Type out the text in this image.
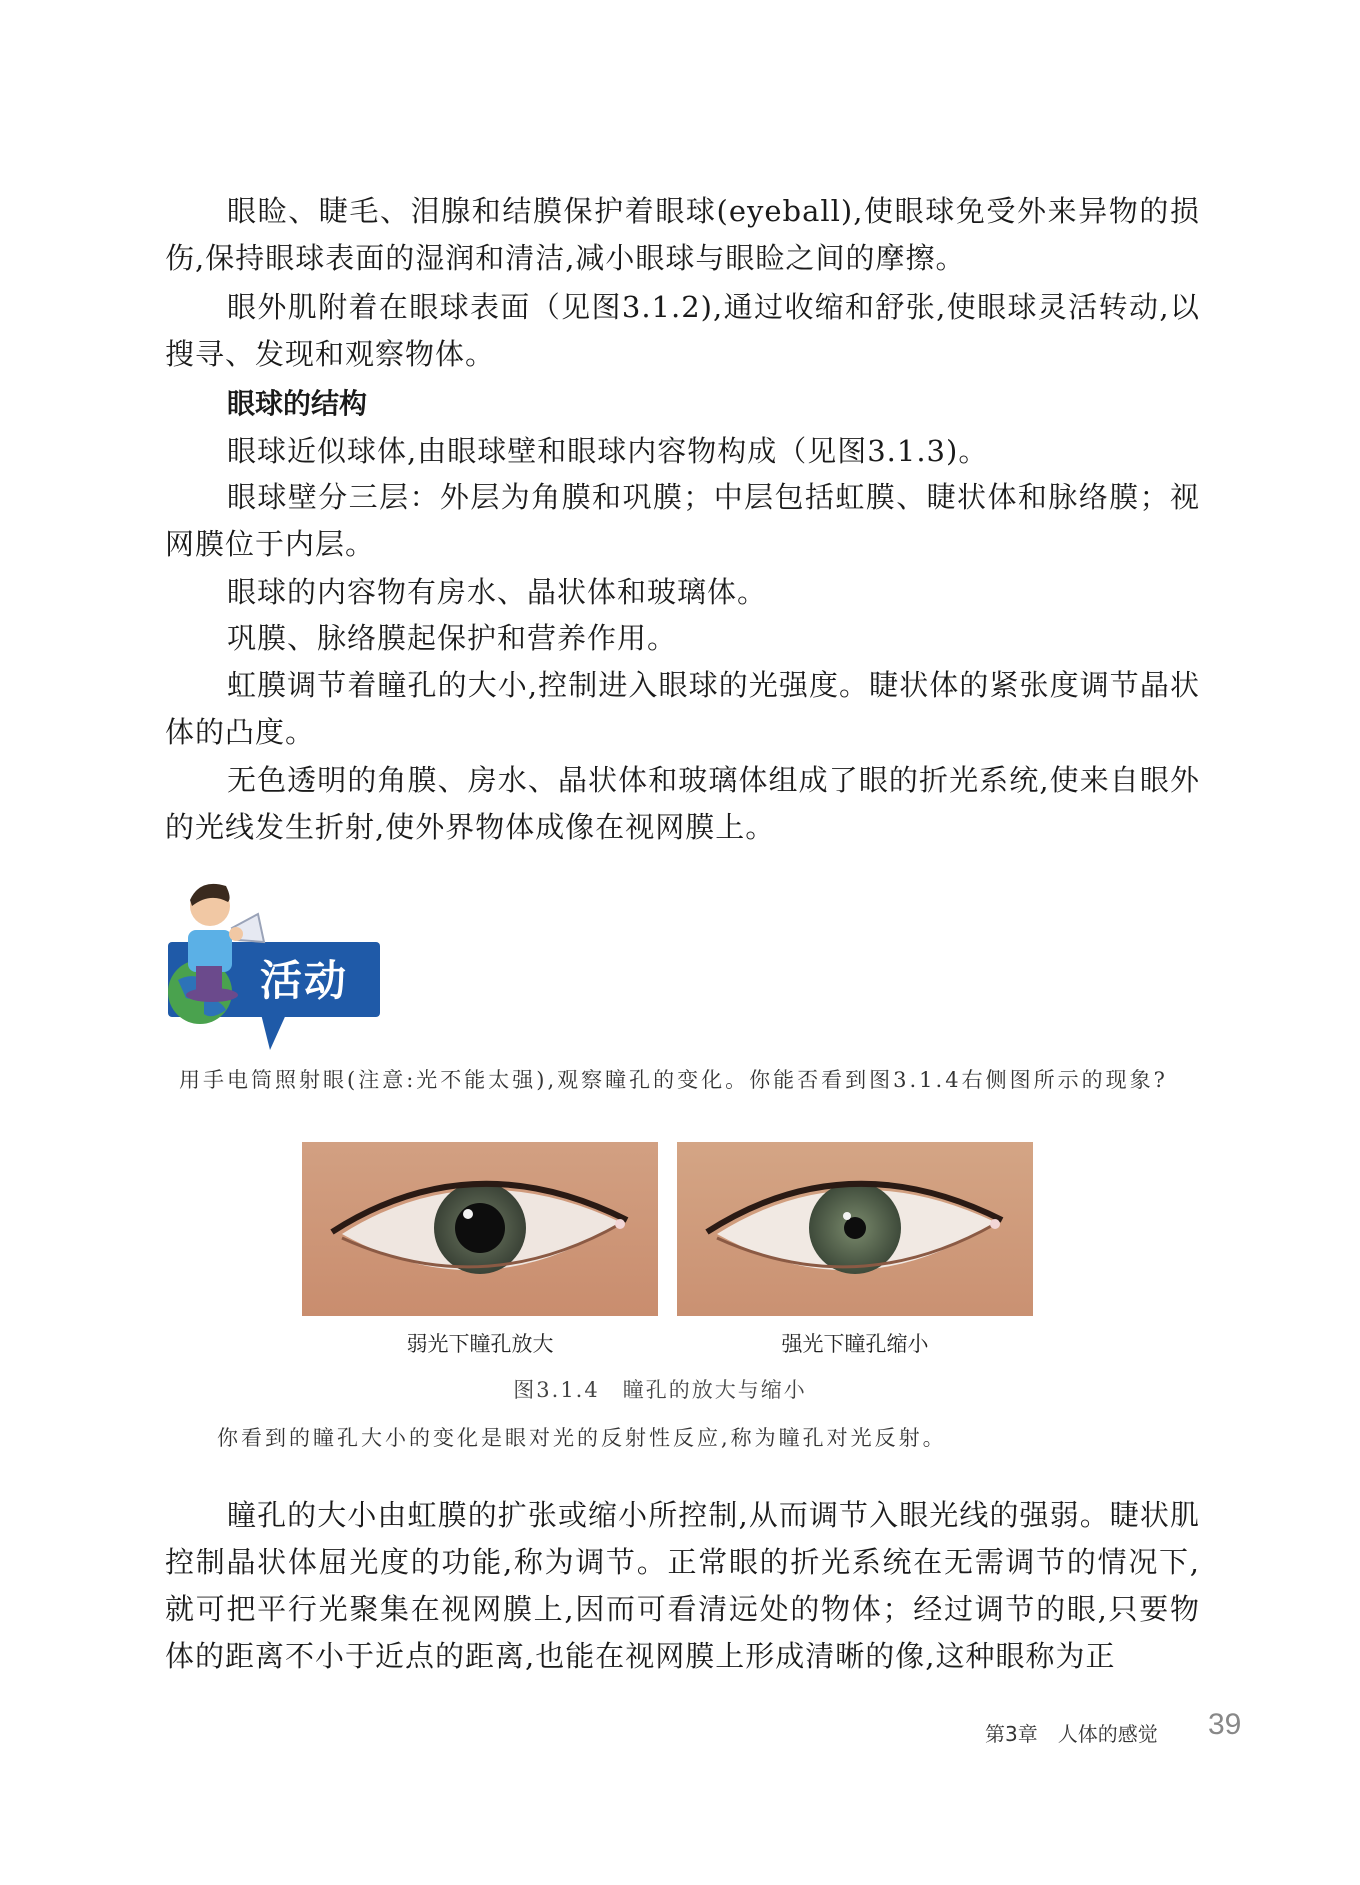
眼睑、睫毛、泪腺和结膜保护着眼球(eyeball),使眼球免受外来异物的损伤,保持眼球表面的湿润和清洁,减小眼球与眼睑之间的摩擦。
眼外肌附着在眼球表面（见图3.1.2),通过收缩和舒张,使眼球灵活转动,以搜寻、发现和观察物体。
眼球的结构
眼球近似球体,由眼球壁和眼球内容物构成（见图3.1.3)。
眼球壁分三层：外层为角膜和巩膜；中层包括虹膜、睫状体和脉络膜；视网膜位于内层。
眼球的内容物有房水、晶状体和玻璃体。
巩膜、脉络膜起保护和营养作用。
虹膜调节着瞳孔的大小,控制进入眼球的光强度。睫状体的紧张度调节晶状体的凸度。
无色透明的角膜、房水、晶状体和玻璃体组成了眼的折光系统,使来自眼外的光线发生折射,使外界物体成像在视网膜上。
活动
用手电筒照射眼(注意:光不能太强),观察瞳孔的变化。你能否看到图3.1.4右侧图所示的现象?
弱光下瞳孔放大	强光下瞳孔缩小
图3.1.4　瞳孔的放大与缩小
你看到的瞳孔大小的变化是眼对光的反射性反应,称为瞳孔对光反射。
瞳孔的大小由虹膜的扩张或缩小所控制,从而调节入眼光线的强弱。睫状肌控制晶状体屈光度的功能,称为调节。正常眼的折光系统在无需调节的情况下,就可把平行光聚集在视网膜上,因而可看清远处的物体；经过调节的眼,只要物体的距离不小于近点的距离,也能在视网膜上形成清晰的像,这种眼称为正
第3章　人体的感觉 39
